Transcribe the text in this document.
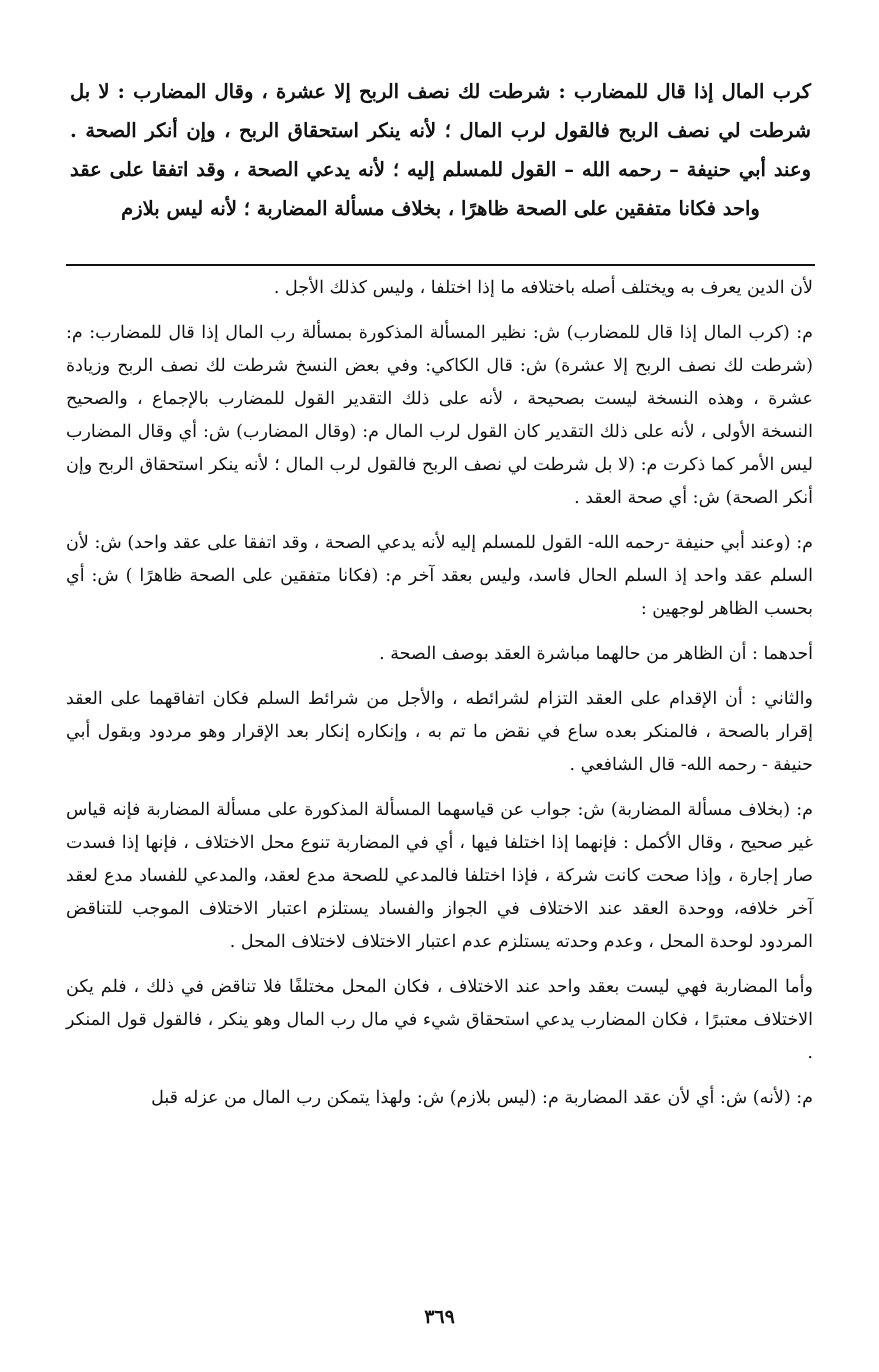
كرب المال إذا قال للمضارب : شرطت لك نصف الربح إلا عشرة ، وقال المضارب : لا بل شرطت لي نصف الربح فالقول لرب المال ؛ لأنه ينكر استحقاق الربح ، وإن أنكر الصحة . وعند أبي حنيفة – رحمه الله – القول للمسلم إليه ؛ لأنه يدعي الصحة ، وقد اتفقا على عقد واحد فكانا متفقين على الصحة ظاهرًا ، بخلاف مسألة المضاربة ؛ لأنه ليس بلازم

لأن الدين يعرف به ويختلف أصله باختلافه ما إذا اختلفا ، وليس كذلك الأجل .

م: (كرب المال إذا قال للمضارب) ش: نظير المسألة المذكورة بمسألة رب المال إذا قال للمضارب: م: (شرطت لك نصف الربح إلا عشرة) ش: قال الكاكي: وفي بعض النسخ شرطت لك نصف الربح وزيادة عشرة ، وهذه النسخة ليست بصحيحة ، لأنه على ذلك التقدير القول للمضارب بالإجماع ، والصحيح النسخة الأولى ، لأنه على ذلك التقدير كان القول لرب المال م: (وقال المضارب) ش: أي وقال المضارب ليس الأمر كما ذكرت م: (لا بل شرطت لي نصف الربح فالقول لرب المال ؛ لأنه ينكر استحقاق الربح وإن أنكر الصحة) ش: أي صحة العقد .

م: (وعند أبي حنيفة -رحمه الله- القول للمسلم إليه لأنه يدعي الصحة ، وقد اتفقا على عقد واحد) ش: لأن السلم عقد واحد إذ السلم الحال فاسد، وليس بعقد آخر م: (فكانا متفقين على الصحة ظاهرًا ) ش: أي بحسب الظاهر لوجهين :

أحدهما : أن الظاهر من حالهما مباشرة العقد بوصف الصحة .

والثاني : أن الإقدام على العقد التزام لشرائطه ، والأجل من شرائط السلم فكان اتفاقهما على العقد إقرار بالصحة ، فالمنكر بعده ساع في نقض ما تم به ، وإنكاره إنكار بعد الإقرار وهو مردود وبقول أبي حنيفة - رحمه الله- قال الشافعي .

م: (بخلاف مسألة المضاربة) ش: جواب عن قياسهما المسألة المذكورة على مسألة المضاربة فإنه قياس غير صحيح ، وقال الأكمل : فإنهما إذا اختلفا فيها ، أي في المضاربة تنوع محل الاختلاف ، فإنها إذا فسدت صار إجارة ، وإذا صحت كانت شركة ، فإذا اختلفا فالمدعي للصحة مدع لعقد، والمدعي للفساد مدع لعقد آخر خلافه، ووحدة العقد عند الاختلاف في الجواز والفساد يستلزم اعتبار الاختلاف الموجب للتناقض المردود لوحدة المحل ، وعدم وحدته يستلزم عدم اعتبار الاختلاف لاختلاف المحل .

وأما المضاربة فهي ليست بعقد واحد عند الاختلاف ، فكان المحل مختلفًا فلا تناقض في ذلك ، فلم يكن الاختلاف معتبرًا ، فكان المضارب يدعي استحقاق شيء في مال رب المال وهو ينكر ، فالقول قول المنكر .

م: (لأنه) ش: أي لأن عقد المضاربة م: (ليس بلازم) ش: ولهذا يتمكن رب المال من عزله قبل

٣٦٩
